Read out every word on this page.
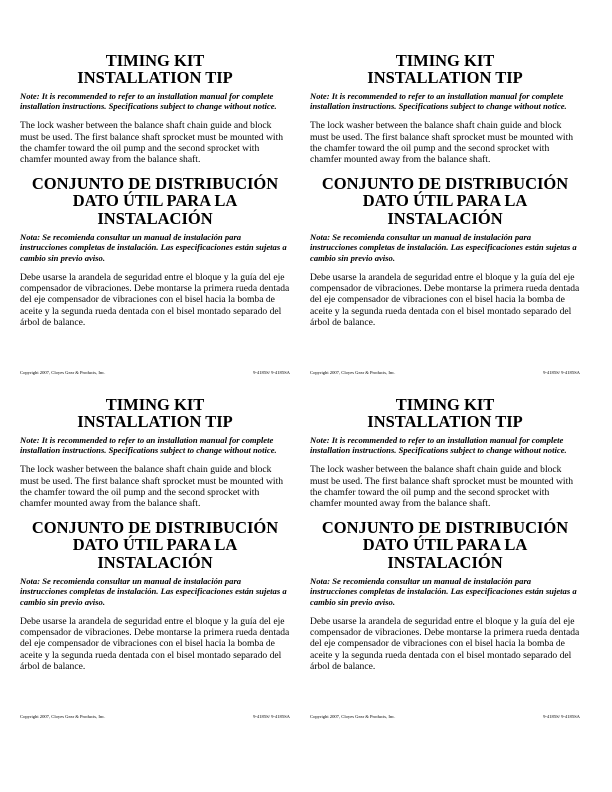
TIMING KIT
INSTALLATION TIP

Note: It is recommended to refer to an installation manual for complete installation instructions. Specifications subject to change without notice.

The lock washer between the balance shaft chain guide and block must be used. The first balance shaft sprocket must be mounted with the chamfer toward the oil pump and the second sprocket with chamfer mounted away from the balance shaft.

CONJUNTO DE DISTRIBUCIÓN
DATO ÚTIL PARA LA
INSTALACIÓN

Nota: Se recomienda consultar un manual de instalación para instrucciones completas de instalación. Las especificaciones están sujetas a cambio sin previo aviso.

Debe usarse la arandela de seguridad entre el bloque y la guía del eje compensador de vibraciones. Debe montarse la primera rueda dentada del eje compensador de vibraciones con el bisel hacia la bomba de aceite y la segunda rueda dentada con el bisel montado separado del árbol de balance.

Copyright 2007, Cloyes Gear & Products, Inc.	9-4185S/ 9-4185SA
TIMING KIT
INSTALLATION TIP

Note: It is recommended to refer to an installation manual for complete installation instructions. Specifications subject to change without notice.

The lock washer between the balance shaft chain guide and block must be used. The first balance shaft sprocket must be mounted with the chamfer toward the oil pump and the second sprocket with chamfer mounted away from the balance shaft.

CONJUNTO DE DISTRIBUCIÓN
DATO ÚTIL PARA LA
INSTALACIÓN

Nota: Se recomienda consultar un manual de instalación para instrucciones completas de instalación. Las especificaciones están sujetas a cambio sin previo aviso.

Debe usarse la arandela de seguridad entre el bloque y la guía del eje compensador de vibraciones. Debe montarse la primera rueda dentada del eje compensador de vibraciones con el bisel hacia la bomba de aceite y la segunda rueda dentada con el bisel montado separado del árbol de balance.

Copyright 2007, Cloyes Gear & Products, Inc.	9-4185S/ 9-4185SA
TIMING KIT
INSTALLATION TIP

Note: It is recommended to refer to an installation manual for complete installation instructions. Specifications subject to change without notice.

The lock washer between the balance shaft chain guide and block must be used. The first balance shaft sprocket must be mounted with the chamfer toward the oil pump and the second sprocket with chamfer mounted away from the balance shaft.

CONJUNTO DE DISTRIBUCIÓN
DATO ÚTIL PARA LA
INSTALACIÓN

Nota: Se recomienda consultar un manual de instalación para instrucciones completas de instalación. Las especificaciones están sujetas a cambio sin previo aviso.

Debe usarse la arandela de seguridad entre el bloque y la guía del eje compensador de vibraciones. Debe montarse la primera rueda dentada del eje compensador de vibraciones con el bisel hacia la bomba de aceite y la segunda rueda dentada con el bisel montado separado del árbol de balance.

Copyright 2007, Cloyes Gear & Products, Inc.	9-4185S/ 9-4185SA
TIMING KIT
INSTALLATION TIP

Note: It is recommended to refer to an installation manual for complete installation instructions. Specifications subject to change without notice.

The lock washer between the balance shaft chain guide and block must be used. The first balance shaft sprocket must be mounted with the chamfer toward the oil pump and the second sprocket with chamfer mounted away from the balance shaft.

CONJUNTO DE DISTRIBUCIÓN
DATO ÚTIL PARA LA
INSTALACIÓN

Nota: Se recomienda consultar un manual de instalación para instrucciones completas de instalación. Las especificaciones están sujetas a cambio sin previo aviso.

Debe usarse la arandela de seguridad entre el bloque y la guía del eje compensador de vibraciones. Debe montarse la primera rueda dentada del eje compensador de vibraciones con el bisel hacia la bomba de aceite y la segunda rueda dentada con el bisel montado separado del árbol de balance.

Copyright 2007, Cloyes Gear & Products, Inc.	9-4185S/ 9-4185SA
